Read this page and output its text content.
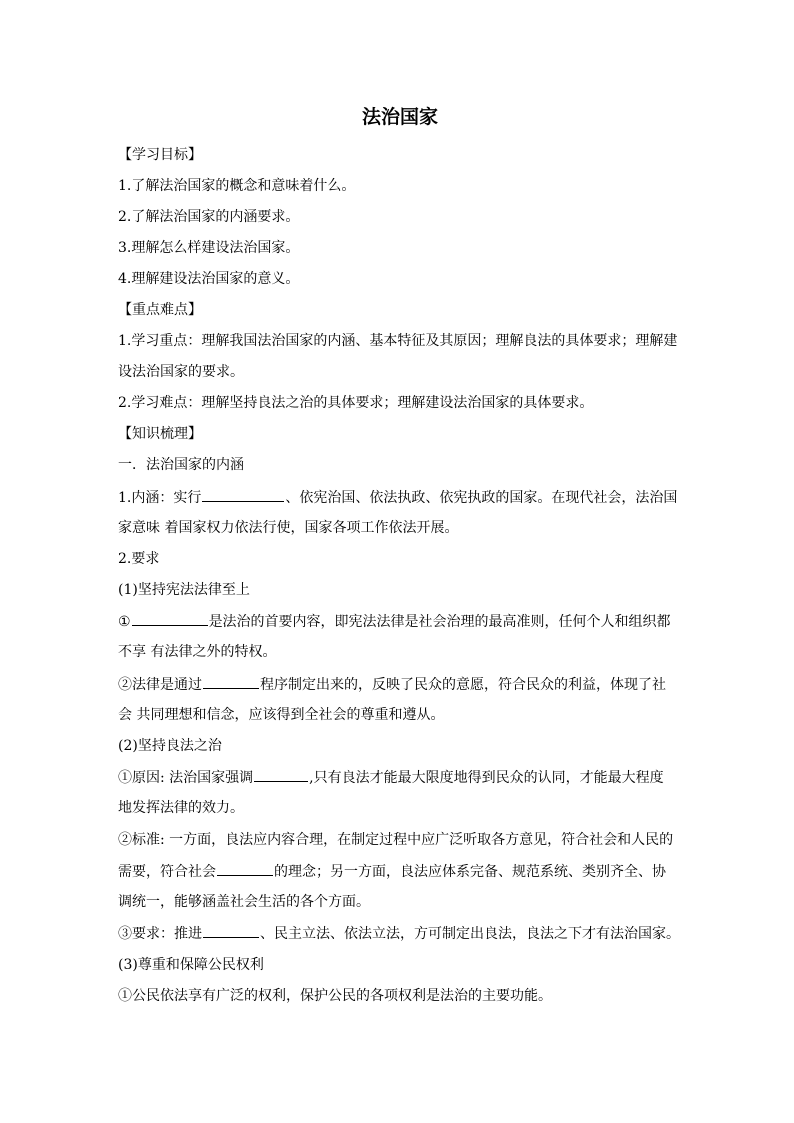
法治国家
【学习目标】
1.了解法治国家的概念和意味着什么。
2.了解法治国家的内涵要求。
3.理解怎么样建设法治国家。
4.理解建设法治国家的意义。
【重点难点】
1.学习重点：理解我国法治国家的内涵、基本特征及其原因；理解良法的具体要求；理解建
设法治国家的要求。
2.学习难点：理解坚持良法之治的具体要求；理解建设法治国家的具体要求。
【知识梳理】
一．法治国家的内涵
1.内涵：实行	、依宪治国、依法执政、依宪执政的国家。在现代社会，法治国
家意味 着国家权力依法行使，国家各项工作依法开展。
2.要求
(1)坚持宪法法律至上
①	是法治的首要内容，即宪法法律是社会治理的最高准则，任何个人和组织都
不享 有法律之外的特权。
②法律是通过	程序制定出来的，反映了民众的意愿，符合民众的利益，体现了社
会 共同理想和信念，应该得到全社会的尊重和遵从。
(2)坚持良法之治
①原因: 法治国家强调	,只有良法才能最大限度地得到民众的认同，才能最大程度
地发挥法律的效力。
②标准: 一方面，良法应内容合理，在制定过程中应广泛听取各方意见，符合社会和人民的
需要，符合社会	的理念；另一方面，良法应体系完备、规范系统、类别齐全、协
调统一，能够涵盖社会生活的各个方面。
③要求：推进	、民主立法、依法立法，方可制定出良法，良法之下才有法治国家。
(3)尊重和保障公民权利
①公民依法享有广泛的权利，保护公民的各项权利是法治的主要功能。
